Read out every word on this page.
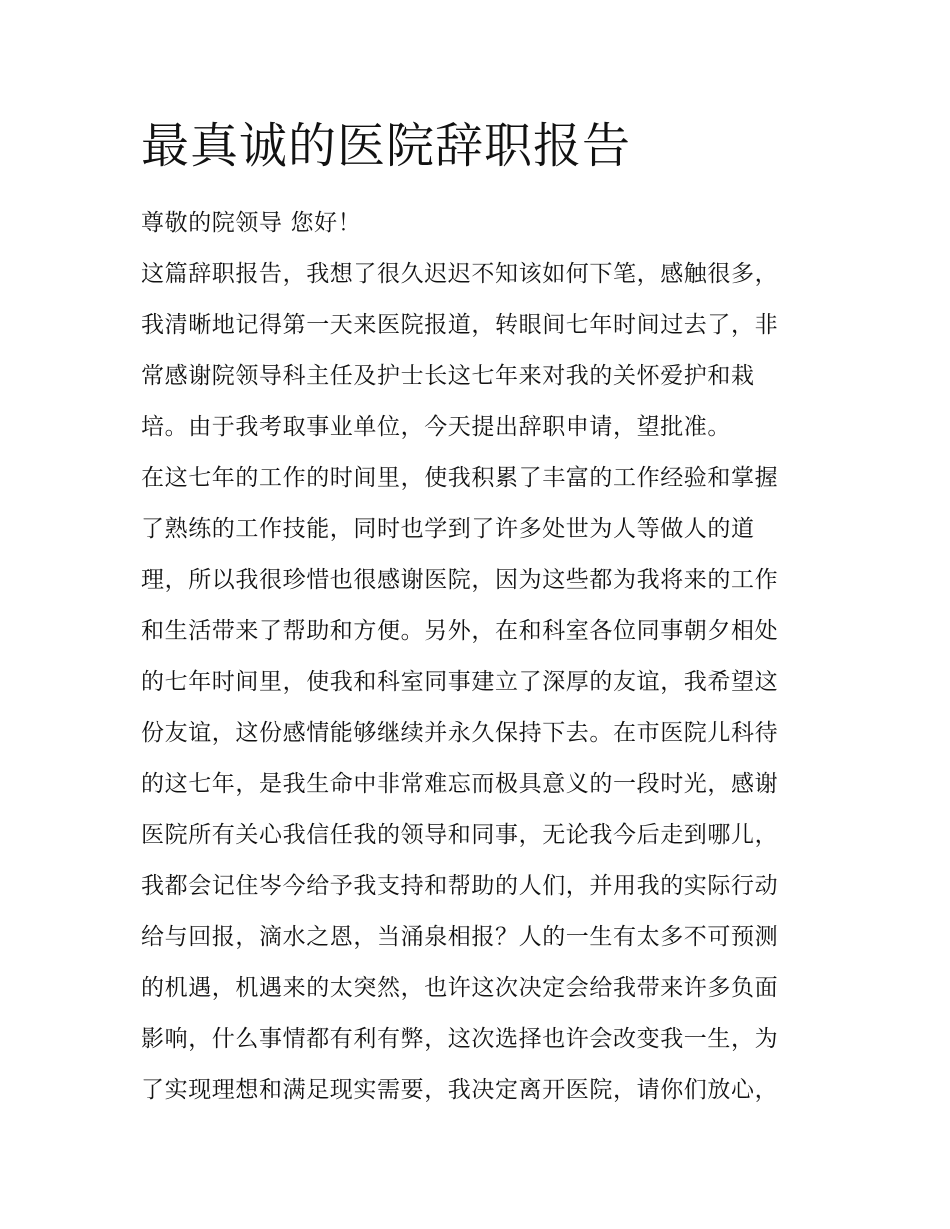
最真诚的医院辞职报告
尊敬的院领导 您好！
这篇辞职报告，我想了很久迟迟不知该如何下笔，感触很多，
我清晰地记得第一天来医院报道，转眼间七年时间过去了，非
常感谢院领导科主任及护士长这七年来对我的关怀爱护和栽
培。由于我考取事业单位，今天提出辞职申请，望批准。
在这七年的工作的时间里，使我积累了丰富的工作经验和掌握
了熟练的工作技能，同时也学到了许多处世为人等做人的道
理，所以我很珍惜也很感谢医院，因为这些都为我将来的工作
和生活带来了帮助和方便。另外，在和科室各位同事朝夕相处
的七年时间里，使我和科室同事建立了深厚的友谊，我希望这
份友谊，这份感情能够继续并永久保持下去。在市医院儿科待
的这七年，是我生命中非常难忘而极具意义的一段时光，感谢
医院所有关心我信任我的领导和同事，无论我今后走到哪儿，
我都会记住岑今给予我支持和帮助的人们，并用我的实际行动
给与回报，滴水之恩，当涌泉相报？人的一生有太多不可预测
的机遇，机遇来的太突然，也许这次决定会给我带来许多负面
影响，什么事情都有利有弊，这次选择也许会改变我一生，为
了实现理想和满足现实需要，我决定离开医院，请你们放心，
